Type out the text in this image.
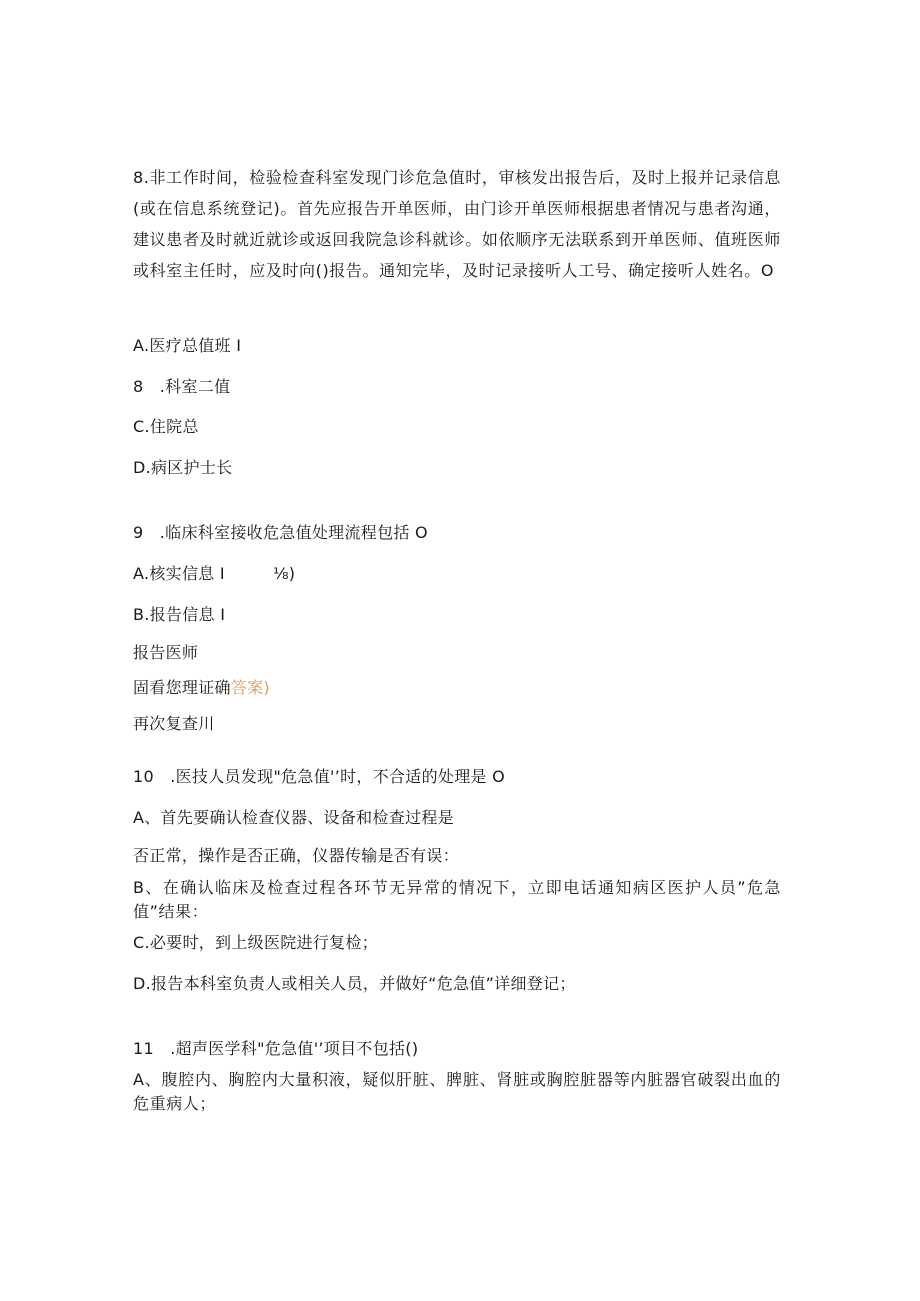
8.非工作时间，检验检查科室发现门诊危急值时，审核发出报告后，及时上报并记录信息(或在信息系统登记)。首先应报告开单医师，由门诊开单医师根据患者情况与患者沟通，建议患者及时就近就诊或返回我院急诊科就诊。如依顺序无法联系到开单医师、值班医师或科室主任时，应及时向()报告。通知完毕，及时记录接听人工号、确定接听人姓名。O
A.医疗总值班 I
8　.科室二值
C.住院总
D.病区护士长
9　.临床科室接收危急值处理流程包括 O
A.核实信息 I	⅛)
B.报告信息 I
报告医师
固看您理证确答案)
再次复查川
10　.医技人员发现"危急值'’时，不合适的处理是 O
A、首先要确认检查仪器、设备和检查过程是
否正常，操作是否正确，仪器传输是否有误：
B、在确认临床及检查过程各环节无异常的情况下，立即电话通知病区医护人员”危急值”结果：
C.必要时，到上级医院进行复检；
D.报告本科室负责人或相关人员，并做好“危急值”详细登记；
11　.超声医学科"危急值'’项目不包括()
A、腹腔内、胸腔内大量积液，疑似肝脏、脾脏、肾脏或胸腔脏器等内脏器官破裂出血的危重病人；
